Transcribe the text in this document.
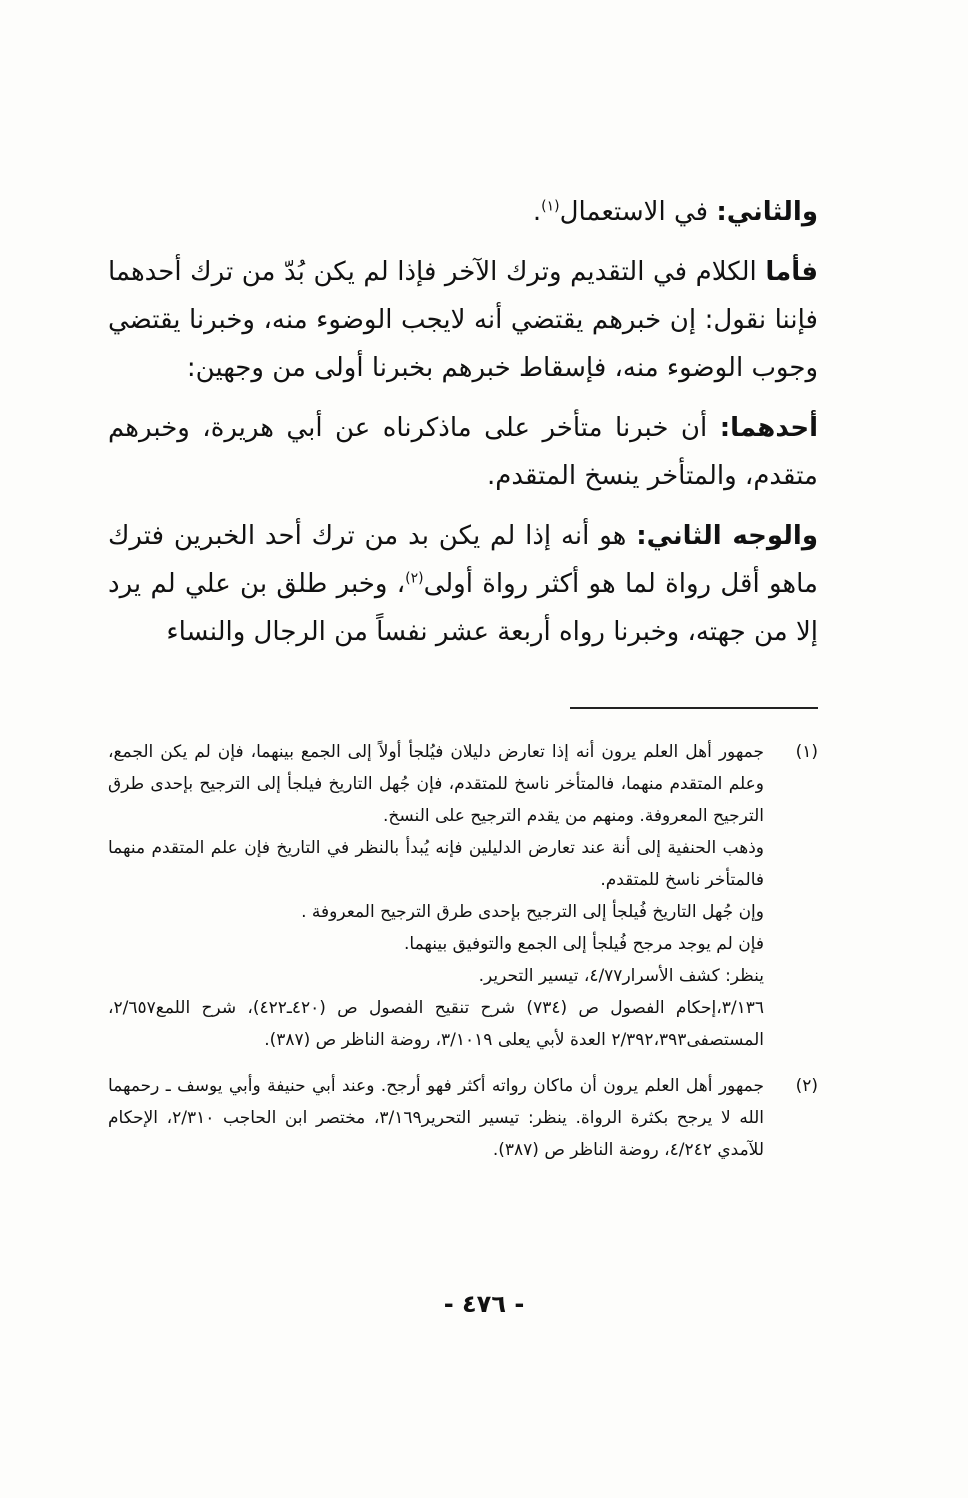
والثاني: في الاستعمال$^{(١)}$.

فأما الكلام في التقديم وترك الآخر فإذا لم يكن بُدّ من ترك أحدهما فإننا نقول: إن خبرهم يقتضي أنه لايجب الوضوء منه، وخبرنا يقتضي وجوب الوضوء منه، فإسقاط خبرهم بخبرنا أولى من وجهين:

أحدهما: أن خبرنا متأخر على ماذكرناه عن أبي هريرة، وخبرهم متقدم، والمتأخر ينسخ المتقدم.

والوجه الثاني: هو أنه إذا لم يكن بد من ترك أحد الخبرين فترك ماهو أقل رواة لما هو أكثر رواة أولى$^{(٢)}$، وخبر طلق بن علي لم يرد إلا من جهته، وخبرنا رواه أربعة عشر نفساً من الرجال والنساء

(١)

جمهور أهل العلم يرون أنه إذا تعارض دليلان فيُلجأ أولاً إلى الجمع بينهما، فإن لم يكن الجمع، وعلم المتقدم منهما، فالمتأخر ناسخ للمتقدم، فإن جُهل التاريخ فيلجأ إلى الترجيح بإحدى طرق الترجيح المعروفة. ومنهم من يقدم الترجيح على النسخ.

وذهب الحنفية إلى أنة عند تعارض الدليلين فإنه يُبدأ بالنظر في التاريخ فإن علم المتقدم منهما فالمتأخر ناسخ للمتقدم.

وإن جُهل التاريخ فُيلجأ إلى الترجيح بإحدى طرق الترجيح المعروفة .

فإن لم يوجد مرجح فُيلجأ إلى الجمع والتوفيق بينهما.

ينظر: كشف الأسرار٤/٧٧، تيسير التحرير.

٣/١٣٦،إحكام الفصول ص (٧٣٤) شرح تنقيح الفصول ص (٤٢٠ـ٤٢٢)، شرح اللمع٢/٦٥٧، المستصفى٢/٣٩٢،٣٩٣ العدة لأبي يعلى ٣/١٠١٩، روضة الناظر ص (٣٨٧).

(٢)

جمهور أهل العلم يرون أن ماكان رواته أكثر فهو أرجح. وعند أبي حنيفة وأبي يوسف ـ رحمهما الله لا يرجح بكثرة الرواة. ينظر: تيسير التحرير٣/١٦٩، مختصر ابن الحاجب ٢/٣١٠، الإحكام للآمدي ٤/٢٤٢، روضة الناظر ص (٣٨٧).

- ٤٧٦ -
